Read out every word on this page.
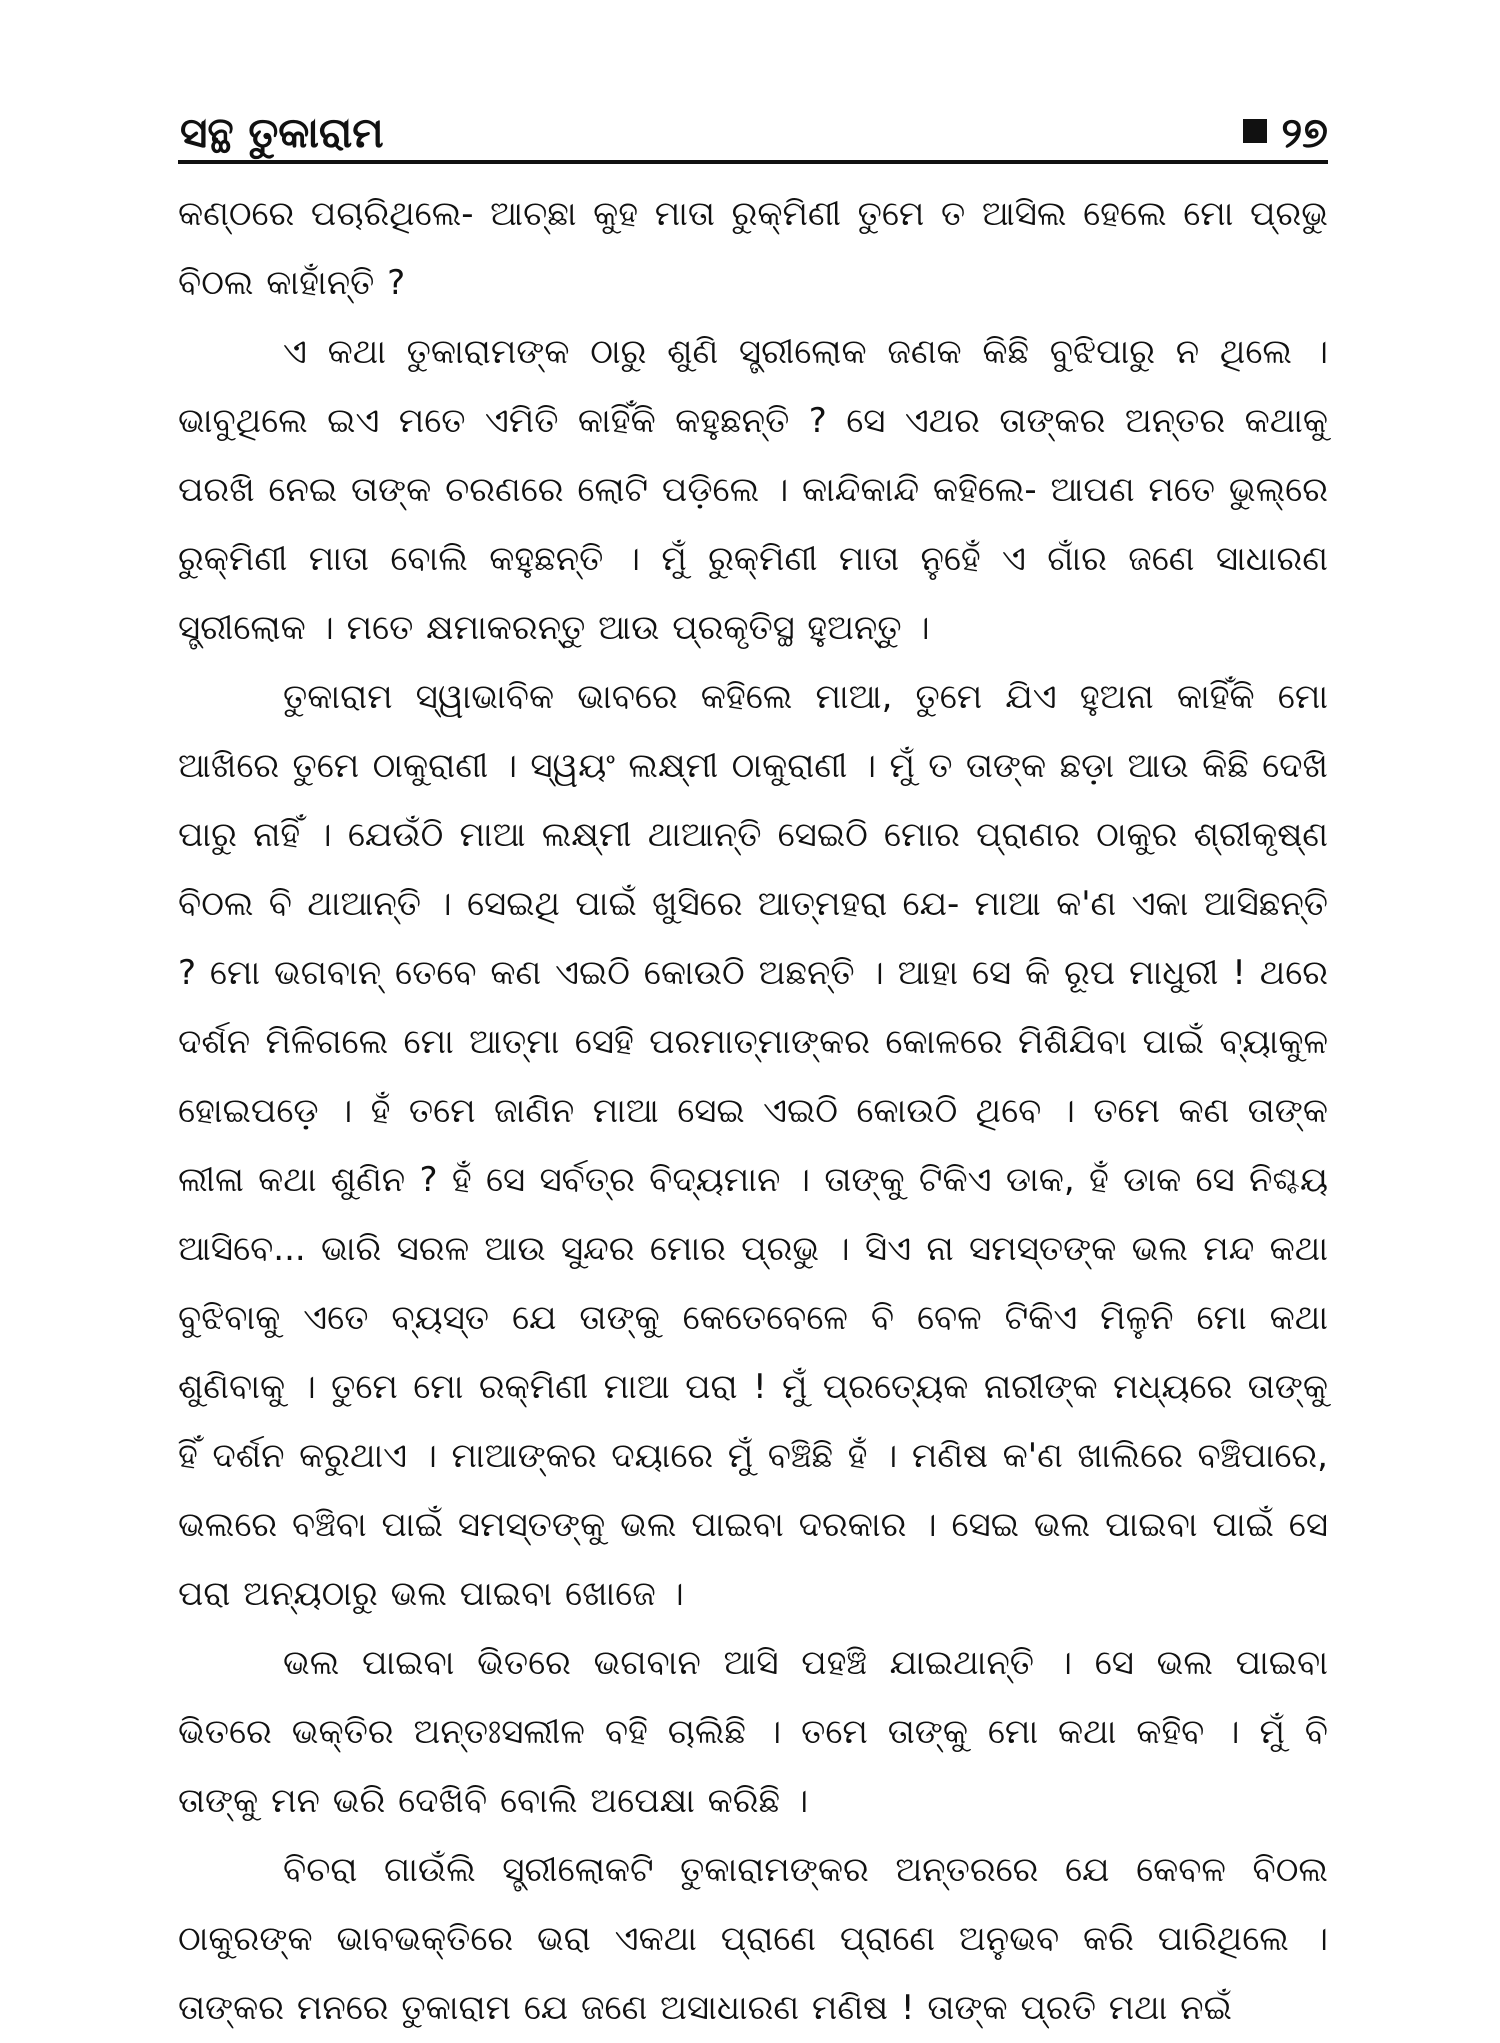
ସନ୍ଥ ତୁକାରାମ	୨୭

କଣ୍ଠରେ ପଚାରିଥିଲେ- ଆଚ୍ଛା କୁହ ମାତା ରୁକ୍ମିଣୀ ତୁମେ ତ ଆସିଲ ହେଲେ ମୋ ପ୍ରଭୁ ବିଠଲ କାହାଁନ୍ତି ?

ଏ କଥା ତୁକାରାମଙ୍କ ଠାରୁ ଶୁଣି ସ୍ତ୍ରୀଲୋକ ଜଣକ କିଛି ବୁଝିପାରୁ ନ ଥିଲେ । ଭାବୁଥିଲେ ଇଏ ମତେ ଏମିତି କାହିଁକି କହୁଛନ୍ତି ? ସେ ଏଥର ତାଙ୍କର ଅନ୍ତର କଥାକୁ ପରଖି ନେଇ ତାଙ୍କ ଚରଣରେ ଲୋଟି ପଡ଼ିଲେ । କାନ୍ଦିକାନ୍ଦି କହିଲେ- ଆପଣ ମତେ ଭୁଲ୍‌ରେ ରୁକ୍ମିଣୀ ମାତା ବୋଲି କହୁଛନ୍ତି । ମୁଁ ରୁକ୍ମିଣୀ ମାତା ନୁହେଁ ଏ ଗାଁର ଜଣେ ସାଧାରଣ ସ୍ତ୍ରୀଲୋକ । ମତେ କ୍ଷମାକରନ୍ତୁ ଆଉ ପ୍ରକୃତିସ୍ଥ ହୁଅନ୍ତୁ ।

ତୁକାରାମ ସ୍ୱାଭାବିକ ଭାବରେ କହିଲେ ମାଆ, ତୁମେ ଯିଏ ହୁଅନା କାହିଁକି ମୋ ଆଖିରେ ତୁମେ ଠାକୁରାଣୀ । ସ୍ୱୟଂ ଲକ୍ଷ୍ମୀ ଠାକୁରାଣୀ । ମୁଁ ତ ତାଙ୍କ ଛଡ଼ା ଆଉ କିଛି ଦେଖି ପାରୁ ନାହିଁ । ଯେଉଁଠି ମାଆ ଲକ୍ଷ୍ମୀ ଥାଆନ୍ତି ସେଇଠି ମୋର ପ୍ରାଣର ଠାକୁର ଶ୍ରୀକୃଷ୍ଣ ବିଠଲ ବି ଥାଆନ୍ତି । ସେଇଥି ପାଇଁ ଖୁସିରେ ଆତ୍ମହରା ଯେ- ମାଆ କ'ଣ ଏକା ଆସିଛନ୍ତି ? ମୋ ଭଗବାନ୍ ତେବେ କଣ ଏଇଠି କୋଉଠି ଅଛନ୍ତି । ଆହା ସେ କି ରୂପ ମାଧୁରୀ ! ଥରେ ଦର୍ଶନ ମିଳିଗଲେ ମୋ ଆତ୍ମା ସେହି ପରମାତ୍ମାଙ୍କର କୋଳରେ ମିଶିଯିବା ପାଇଁ ବ୍ୟାକୁଳ ହୋଇପଡ଼େ । ହଁ ତମେ ଜାଣିନ ମାଆ ସେଇ ଏଇଠି କୋଉଠି ଥିବେ । ତମେ କଣ ତାଙ୍କ ଲୀଳା କଥା ଶୁଣିନ ? ହଁ ସେ ସର୍ବତ୍ର ବିଦ୍ୟମାନ । ତାଙ୍କୁ ଟିକିଏ ଡାକ, ହଁ ଡାକ ସେ ନିଶ୍ଚୟ ଆସିବେ... ଭାରି ସରଳ ଆଉ ସୁନ୍ଦର ମୋର ପ୍ରଭୁ । ସିଏ ନା ସମସ୍ତଙ୍କ ଭଲ ମନ୍ଦ କଥା ବୁଝିବାକୁ ଏତେ ବ୍ୟସ୍ତ ଯେ ତାଙ୍କୁ କେତେବେଳେ ବି ବେଳ ଟିକିଏ ମିଳୁନି ମୋ କଥା ଶୁଣିବାକୁ । ତୁମେ ମୋ ରକ୍ମିଣୀ ମାଆ ପରା ! ମୁଁ ପ୍ରତ୍ୟେକ ନାରୀଙ୍କ ମଧ୍ୟରେ ତାଙ୍କୁ ହିଁ ଦର୍ଶନ କରୁଥାଏ । ମାଆଙ୍କର ଦୟାରେ ମୁଁ ବଞ୍ଚିଛି ହଁ । ମଣିଷ କ'ଣ ଖାଲିରେ ବଞ୍ଚିପାରେ, ଭଲରେ ବଞ୍ଚିବା ପାଇଁ ସମସ୍ତଙ୍କୁ ଭଲ ପାଇବା ଦରକାର । ସେଇ ଭଲ ପାଇବା ପାଇଁ ସେ ପରା ଅନ୍ୟଠାରୁ ଭଲ ପାଇବା ଖୋଜେ ।

ଭଲ ପାଇବା ଭିତରେ ଭଗବାନ ଆସି ପହଞ୍ଚି ଯାଇଥାନ୍ତି । ସେ ଭଲ ପାଇବା ଭିତରେ ଭକ୍ତିର ଅନ୍ତଃସଲୀଳ ବହି ଚାଲିଛି । ତମେ ତାଙ୍କୁ ମୋ କଥା କହିବ । ମୁଁ ବି ତାଙ୍କୁ ମନ ଭରି ଦେଖିବି ବୋଲି ଅପେକ୍ଷା କରିଛି ।

ବିଚରା ଗାଉଁଲି ସ୍ତ୍ରୀଲୋକଟି ତୁକାରାମଙ୍କର ଅନ୍ତରରେ ଯେ କେବଳ ବିଠଲ ଠାକୁରଙ୍କ ଭାବଭକ୍ତିରେ ଭରା ଏକଥା ପ୍ରାଣେ ପ୍ରାଣେ ଅନୁଭବ କରି ପାରିଥିଲେ । ତାଙ୍କର ମନରେ ତୁକାରାମ ଯେ ଜଣେ ଅସାଧାରଣ ମଣିଷ ! ତାଙ୍କ ପ୍ରତି ମଥା ନଇଁ
